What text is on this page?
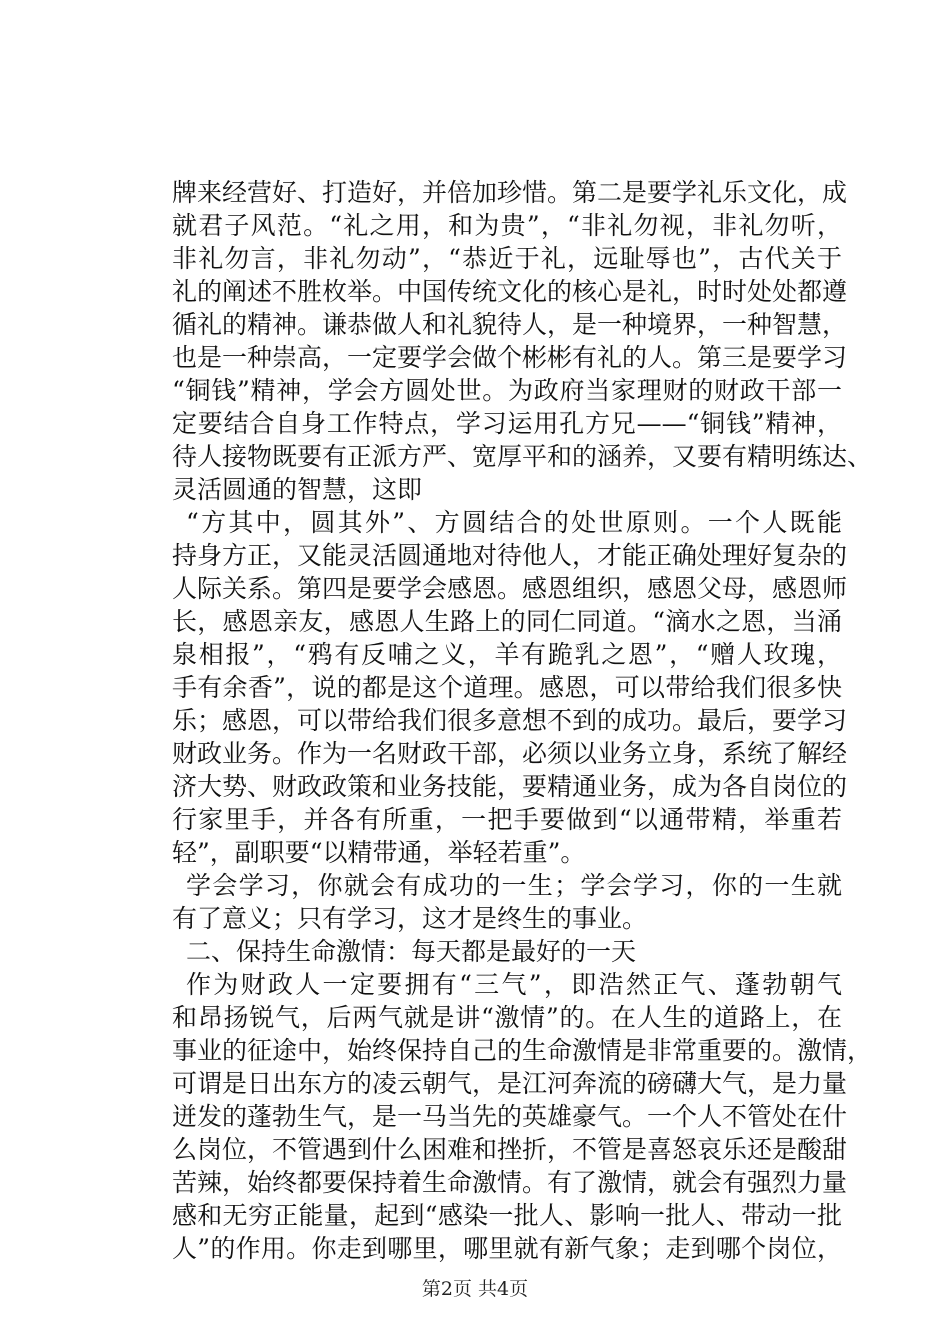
牌来经营好、打造好，并倍加珍惜。第二是要学礼乐文化，成
就君子风范。“礼之用，和为贵”，“非礼勿视，非礼勿听，
非礼勿言，非礼勿动”，“恭近于礼，远耻辱也”，古代关于
礼的阐述不胜枚举。中国传统文化的核心是礼，时时处处都遵
循礼的精神。谦恭做人和礼貌待人，是一种境界，一种智慧，
也是一种崇高，一定要学会做个彬彬有礼的人。第三是要学习
“铜钱”精神，学会方圆处世。为政府当家理财的财政干部一
定要结合自身工作特点，学习运用孔方兄——“铜钱”精神，
待人接物既要有正派方严、宽厚平和的涵养，又要有精明练达、
灵活圆通的智慧，这即
“方其中，圆其外”、方圆结合的处世原则。一个人既能
持身方正，又能灵活圆通地对待他人，才能正确处理好复杂的
人际关系。第四是要学会感恩。感恩组织，感恩父母，感恩师
长，感恩亲友，感恩人生路上的同仁同道。“滴水之恩，当涌
泉相报”，“鸦有反哺之义，羊有跪乳之恩”，“赠人玫瑰，
手有余香”，说的都是这个道理。感恩，可以带给我们很多快
乐；感恩，可以带给我们很多意想不到的成功。最后，要学习
财政业务。作为一名财政干部，必须以业务立身，系统了解经
济大势、财政政策和业务技能，要精通业务，成为各自岗位的
行家里手，并各有所重，一把手要做到“以通带精，举重若
轻”，副职要“以精带通，举轻若重”。
学会学习，你就会有成功的一生；学会学习，你的一生就
有了意义；只有学习，这才是终生的事业。
二、保持生命激情：每天都是最好的一天
作为财政人一定要拥有“三气”，即浩然正气、蓬勃朝气
和昂扬锐气，后两气就是讲“激情”的。在人生的道路上，在
事业的征途中，始终保持自己的生命激情是非常重要的。激情，
可谓是日出东方的凌云朝气，是江河奔流的磅礴大气，是力量
迸发的蓬勃生气，是一马当先的英雄豪气。一个人不管处在什
么岗位，不管遇到什么困难和挫折，不管是喜怒哀乐还是酸甜
苦辣，始终都要保持着生命激情。有了激情，就会有强烈力量
感和无穷正能量，起到“感染一批人、影响一批人、带动一批
人”的作用。你走到哪里，哪里就有新气象；走到哪个岗位，
第2页 共4页
